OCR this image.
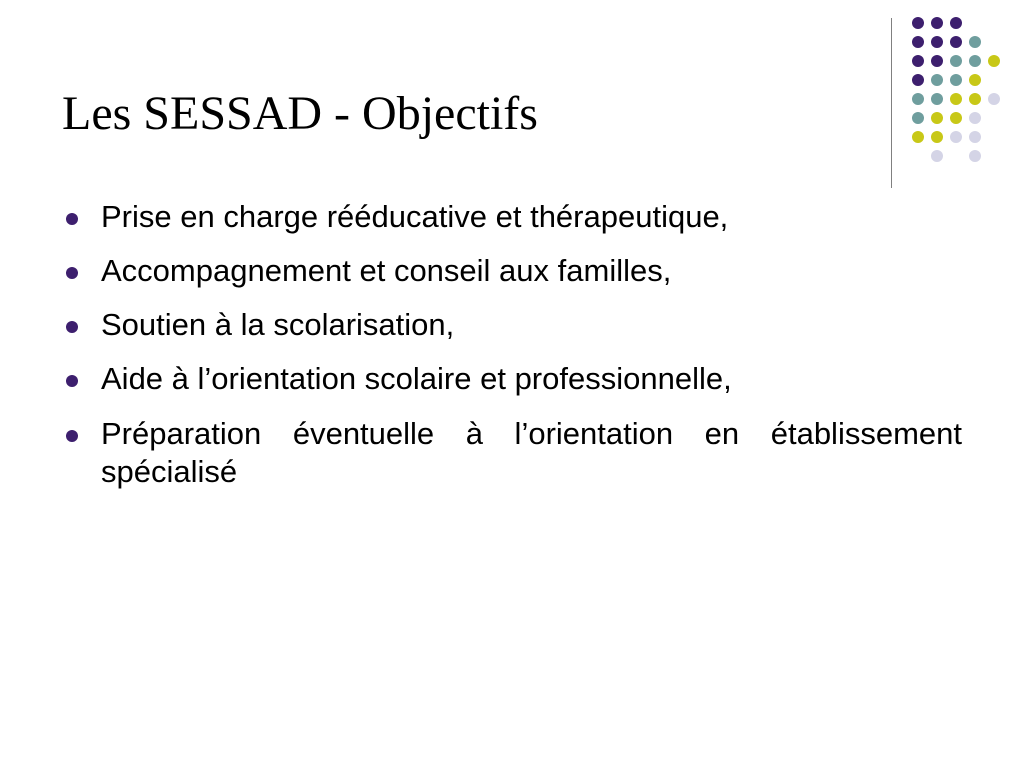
Les SESSAD - Objectifs
Prise en charge rééducative et thérapeutique,
Accompagnement et conseil aux familles,
Soutien à la scolarisation,
Aide à l’orientation scolaire et professionnelle,
Préparation éventuelle à l’orientation en établissement spécialisé
